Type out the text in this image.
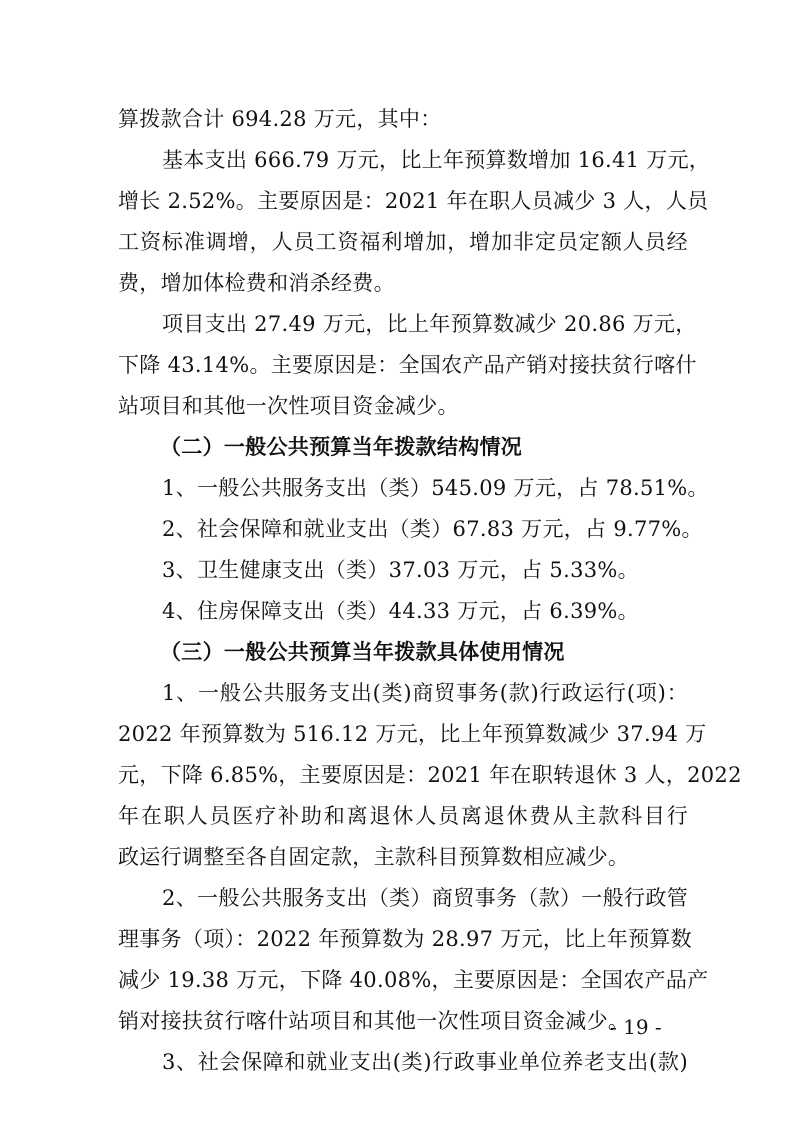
算拨款合计 694.28 万元，其中：
基本支出 666.79 万元，比上年预算数增加 16.41 万元，
增长 2.52%。主要原因是：2021 年在职人员减少 3 人，人员
工资标准调增，人员工资福利增加，增加非定员定额人员经
费，增加体检费和消杀经费。
项目支出 27.49 万元，比上年预算数减少 20.86 万元，
下降 43.14%。主要原因是：全国农产品产销对接扶贫行喀什
站项目和其他一次性项目资金减少。
（二）一般公共预算当年拨款结构情况
1、一般公共服务支出（类）545.09 万元，占 78.51%。
2、社会保障和就业支出（类）67.83 万元，占 9.77%。
3、卫生健康支出（类）37.03 万元，占 5.33%。
4、住房保障支出（类）44.33 万元，占 6.39%。
（三）一般公共预算当年拨款具体使用情况
1、一般公共服务支出(类)商贸事务(款)行政运行(项)：
2022 年预算数为 516.12 万元，比上年预算数减少 37.94 万
元，下降 6.85%，主要原因是：2021 年在职转退休 3 人，2022
年在职人员医疗补助和离退休人员离退休费从主款科目行
政运行调整至各自固定款，主款科目预算数相应减少。
2、一般公共服务支出（类）商贸事务（款）一般行政管
理事务（项）：2022 年预算数为 28.97 万元，比上年预算数
减少 19.38 万元，下降 40.08%，主要原因是：全国农产品产
销对接扶贫行喀什站项目和其他一次性项目资金减少。
3、社会保障和就业支出(类)行政事业单位养老支出(款)
- 19 -
